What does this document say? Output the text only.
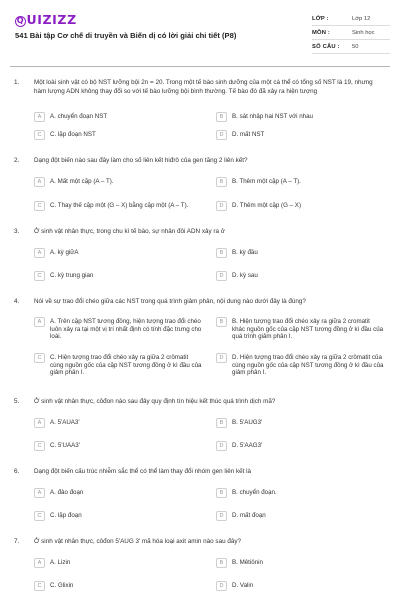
Q UIZIZZ
541 Bài tập Cơ chế di truyền và Biến dị có lời giải chi tiết (P8)
LỚP :	Lớp 12
MÔN :	Sinh học
SỐ CÂU :	50
1. Một loài sinh vật có bộ NST lưỡng bội 2n = 20. Trong một tế bào sinh dưỡng của một cá thể có tổng số NST là 19, nhưng hàm lượng ADN không thay đổi so với tế bào lưỡng bội bình thường. Tế bào đó đã xảy ra hiện tượng
A	A. chuyển đoạn NST	B	B. sát nhập hai NST với nhau
C	C. lặp đoạn NST	D	D. mất NST
2. Dạng đột biến nào sau đây làm cho số liên kết hiđrô của gen tăng 2 liên kết?
A	A. Mất một cặp (A – T).	B	B. Thêm một cặp (A – T).
C	C. Thay thế cặp một (G – X) bằng cặp một (A – T).	D	D. Thêm một cặp (G – X)
3. Ở sinh vật nhân thực, trong chu kì tế bào, sự nhân đôi ADN xảy ra ở
A	A. kỳ giữA	B	B. kỳ đầu
C	C. kỳ trung gian	D	D. kỳ sau
4. Nói về sự trao đổi chéo giữa các NST trong quá trình giảm phân, nội dung nào dưới đây là đúng?
A	A. Trên cặp NST tương đồng, hiện tượng trao đổi chéo luôn xảy ra tại một vị trí nhất định có tính đặc trưng cho loài.
B	B. Hiện tượng trao đổi chéo xảy ra giữa 2 cromatit khác nguồn gốc của cặp NST tương đồng ở kì đầu của quá trình giảm phân I.
C	C. Hiện tượng trao đổi chéo xảy ra giữa 2 crômatit cùng nguồn gốc của cặp NST tương đồng ở kì đầu của giảm phân I.
D	D. Hiện tượng trao đổi chéo xảy ra giữa 2 crômatit của cùng nguồn gốc của cặp NST tương đồng ở kì đầu của giảm phân I.
5. Ở sinh vật nhân thực, côđon nào sau đây quy định tín hiệu kết thúc quá trình dịch mã?
A	A. 5'AUA3'	B	B. 5'AUG3'
C	C. 5'UAA3'	D	D. 5'AAG3'
6. Dạng đột biến cấu trúc nhiễm sắc thể có thể làm thay đổi nhóm gen liên kết là
A	A. đảo đoạn	B	B. chuyển đoạn.
C	C. lặp đoạn	D	D. mất đoạn
7. Ở sinh vật nhân thực, côđon 5'AUG 3' mã hóa loại axit amin nào sau đây?
A	A. Lizin	B	B. Mêtiônin
C	C. Glixin	D	D. Valin
